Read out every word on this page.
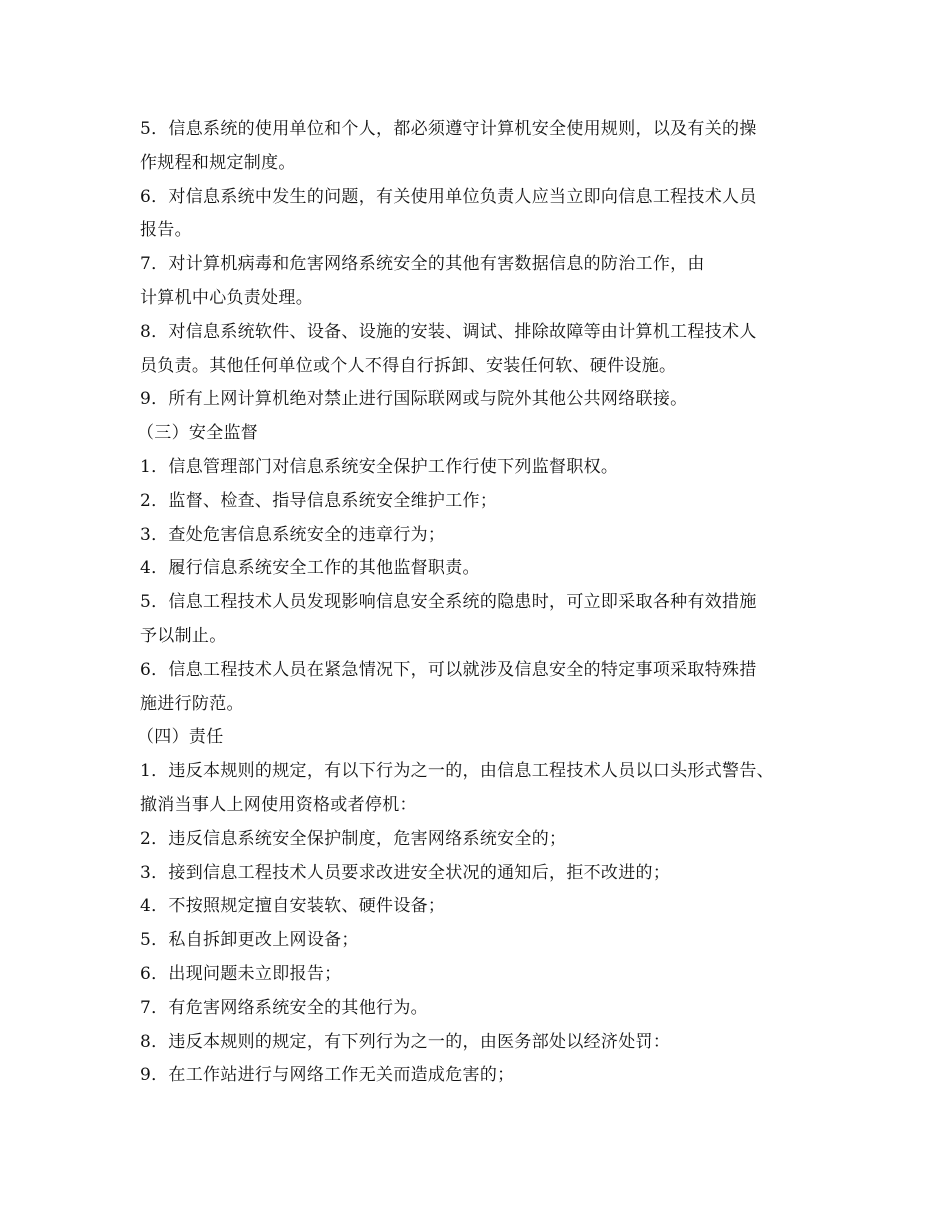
5．信息系统的使用单位和个人，都必须遵守计算机安全使用规则，以及有关的操
作规程和规定制度。
6．对信息系统中发生的问题，有关使用单位负责人应当立即向信息工程技术人员
报告。
7．对计算机病毒和危害网络系统安全的其他有害数据信息的防治工作，由
计算机中心负责处理。
8．对信息系统软件、设备、设施的安装、调试、排除故障等由计算机工程技术人
员负责。其他任何单位或个人不得自行拆卸、安装任何软、硬件设施。
9．所有上网计算机绝对禁止进行国际联网或与院外其他公共网络联接。
（三）安全监督
1．信息管理部门对信息系统安全保护工作行使下列监督职权。
2．监督、检查、指导信息系统安全维护工作；
3．查处危害信息系统安全的违章行为；
4．履行信息系统安全工作的其他监督职责。
5．信息工程技术人员发现影响信息安全系统的隐患时，可立即采取各种有效措施
予以制止。
6．信息工程技术人员在紧急情况下，可以就涉及信息安全的特定事项采取特殊措
施进行防范。
（四）责任
1．违反本规则的规定，有以下行为之一的，由信息工程技术人员以口头形式警告、
撤消当事人上网使用资格或者停机：
2．违反信息系统安全保护制度，危害网络系统安全的；
3．接到信息工程技术人员要求改进安全状况的通知后，拒不改进的；
4．不按照规定擅自安装软、硬件设备；
5．私自拆卸更改上网设备；
6．出现问题未立即报告；
7．有危害网络系统安全的其他行为。
8．违反本规则的规定，有下列行为之一的，由医务部处以经济处罚：
9．在工作站进行与网络工作无关而造成危害的；
